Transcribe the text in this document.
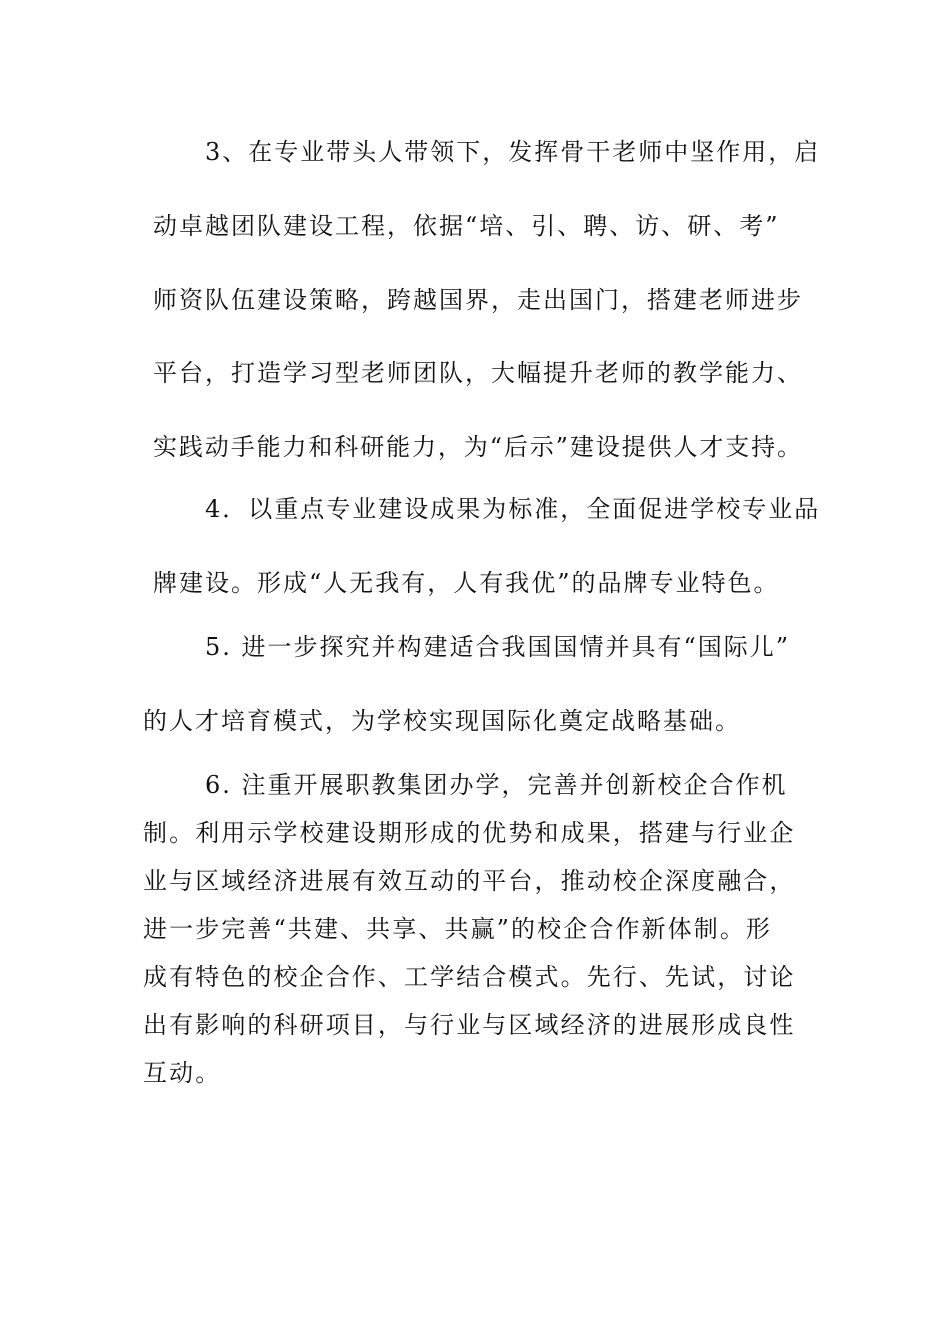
3、在专业带头人带领下，发挥骨干老师中坚作用，启
动卓越团队建设工程，依据“培、引、聘、访、研、考”
师资队伍建设策略，跨越国界，走出国门，搭建老师进步
平台，打造学习型老师团队，大幅提升老师的教学能力、
实践动手能力和科研能力，为“后示”建设提供人才支持。
4．以重点专业建设成果为标准，全面促进学校专业品
牌建设。形成“人无我有，人有我优”的品牌专业特色。
5. 进一步探究并构建适合我国国情并具有“国际儿”
的人才培育模式，为学校实现国际化奠定战略基础。
6. 注重开展职教集团办学，完善并创新校企合作机
制。利用示学校建设期形成的优势和成果，搭建与行业企
业与区域经济进展有效互动的平台，推动校企深度融合，
进一步完善“共建、共享、共赢”的校企合作新体制。形
成有特色的校企合作、工学结合模式。先行、先试，讨论
出有影响的科研项目，与行业与区域经济的进展形成良性
互动。
